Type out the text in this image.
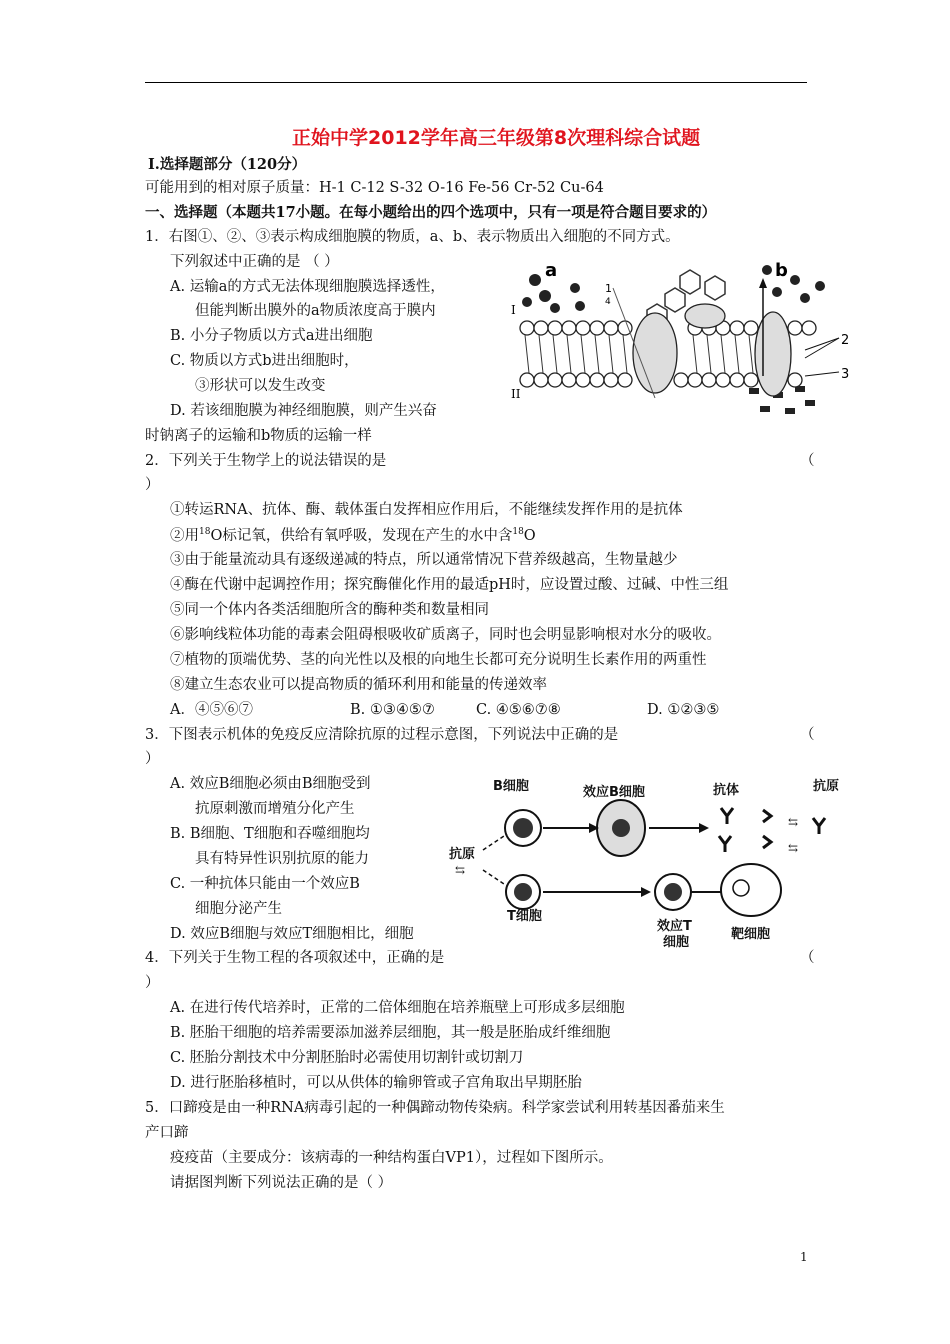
正始中学2012学年高三年级第8次理科综合试题
Ⅰ.选择题部分（120分）
可能用到的相对原子质量：H-1 C-12 S-32 O-16 Fe-56 Cr-52 Cu-64
一、选择题（本题共17小题。在每小题给出的四个选项中，只有一项是符合题目要求的）
1．右图①、②、③表示构成细胞膜的物质，a、b、表示物质出入细胞的不同方式。
下列叙述中正确的是 （ ）
A. 运输a的方式无法体现细胞膜选择透性，
但能判断出膜外的a物质浓度高于膜内
B. 小分子物质以方式a进出细胞
C. 物质以方式b进出细胞时，
③形状可以发生改变
D. 若该细胞膜为神经细胞膜，则产生兴奋
时钠离子的运输和b物质的运输一样
a	b
1
4
I
II
2
3
2．下列关于生物学上的说法错误的是	（
）
①转运RNA、抗体、酶、载体蛋白发挥相应作用后，不能继续发挥作用的是抗体
②用$^{18}$O标记氧，供给有氧呼吸，发现在产生的水中含$^{18}$O
③由于能量流动具有逐级递减的特点，所以通常情况下营养级越高，生物量越少
④酶在代谢中起调控作用；探究酶催化作用的最适pH时，应设置过酸、过碱、中性三组
⑤同一个体内各类活细胞所含的酶种类和数量相同
⑥影响线粒体功能的毒素会阻碍根吸收矿质离子，同时也会明显影响根对水分的吸收。
⑦植物的顶端优势、茎的向光性以及根的向地生长都可充分说明生长素作用的两重性
⑧建立生态农业可以提高物质的循环利用和能量的传递效率
A．④⑤⑥⑦	B. ①③④⑤⑦	C. ④⑤⑥⑦⑧	D. ①②③⑤
3．下图表示机体的免疫反应清除抗原的过程示意图，下列说法中正确的是	（
）
A. 效应B细胞必须由B细胞受到
抗原刺激而增殖分化产生
B. B细胞、T细胞和吞噬细胞均
具有特异性识别抗原的能力
C. 一种抗体只能由一个效应B
细胞分泌产生
D. 效应B细胞与效应T细胞相比，细胞
B细胞	效应B细胞	抗体	抗原
抗原
T细胞
效应T
细胞
靶细胞
⇆
⇆
⇆
4．下列关于生物工程的各项叙述中，正确的是	（
）
A. 在进行传代培养时，正常的二倍体细胞在培养瓶壁上可形成多层细胞
B. 胚胎干细胞的培养需要添加滋养层细胞，其一般是胚胎成纤维细胞
C. 胚胎分割技术中分割胚胎时必需使用切割针或切割刀
D. 进行胚胎移植时，可以从供体的输卵管或子宫角取出早期胚胎
5．口蹄疫是由一种RNA病毒引起的一种偶蹄动物传染病。科学家尝试利用转基因番茄来生
产口蹄
疫疫苗（主要成分：该病毒的一种结构蛋白VP1），过程如下图所示。
请据图判断下列说法正确的是（ ）
1
